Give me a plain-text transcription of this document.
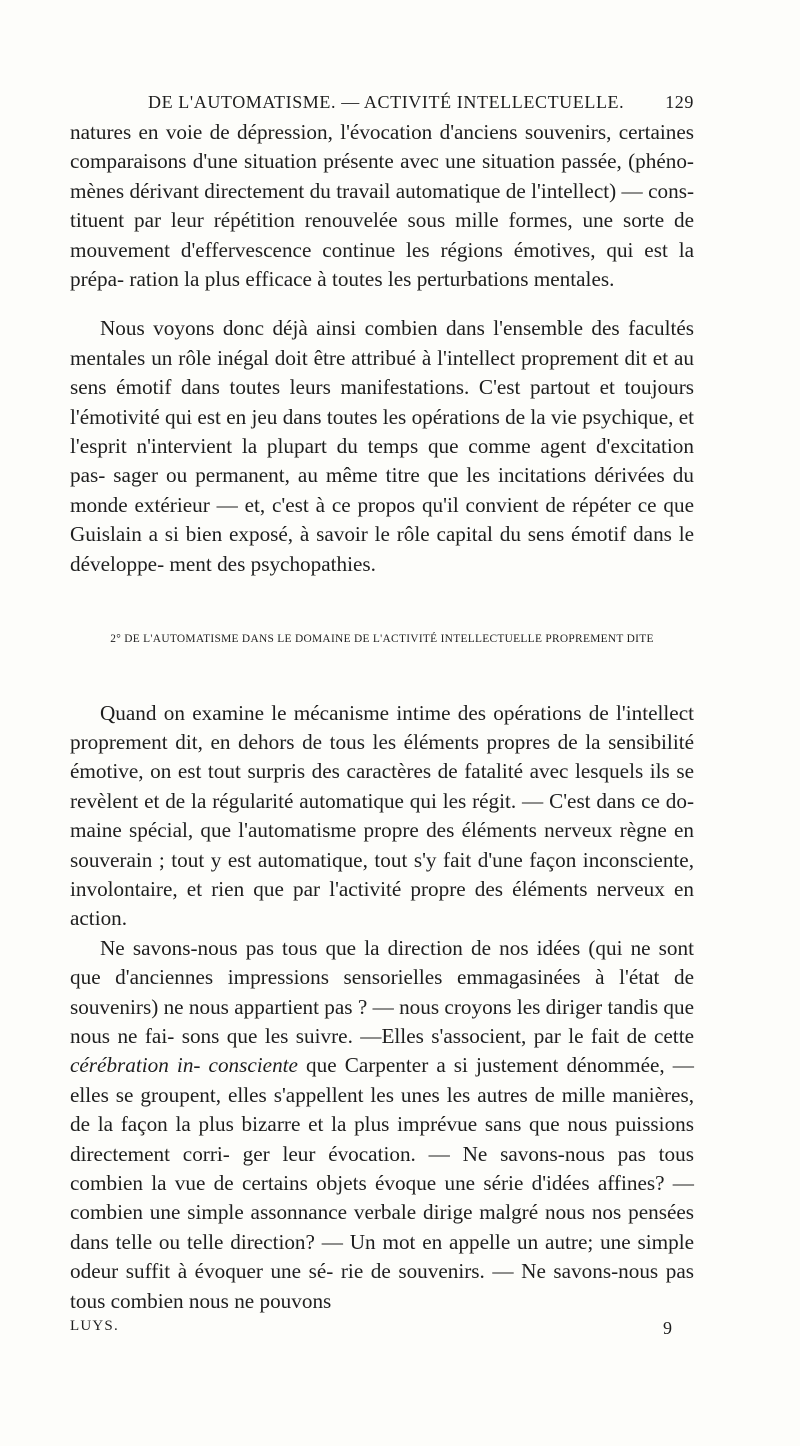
DE L'AUTOMATISME. — ACTIVITÉ INTELLECTUELLE. 129

natures en voie de dépression, l'évocation d'anciens souvenirs, certaines comparaisons d'une situation présente avec une situation passée, (phéno- mènes dérivant directement du travail automatique de l'intellect) — cons- tituent par leur répétition renouvelée sous mille formes, une sorte de mouvement d'effervescence continue les régions émotives, qui est la prépa- ration la plus efficace à toutes les perturbations mentales.

Nous voyons donc déjà ainsi combien dans l'ensemble des facultés mentales un rôle inégal doit être attribué à l'intellect proprement dit et au sens émotif dans toutes leurs manifestations. C'est partout et toujours l'émotivité qui est en jeu dans toutes les opérations de la vie psychique, et l'esprit n'intervient la plupart du temps que comme agent d'excitation pas- sager ou permanent, au même titre que les incitations dérivées du monde extérieur — et, c'est à ce propos qu'il convient de répéter ce que Guislain a si bien exposé, à savoir le rôle capital du sens émotif dans le développe- ment des psychopathies.

2° DE L'AUTOMATISME DANS LE DOMAINE DE L'ACTIVITÉ INTELLECTUELLE PROPREMENT DITE

Quand on examine le mécanisme intime des opérations de l'intellect proprement dit, en dehors de tous les éléments propres de la sensibilité émotive, on est tout surpris des caractères de fatalité avec lesquels ils se revèlent et de la régularité automatique qui les régit. — C'est dans ce do- maine spécial, que l'automatisme propre des éléments nerveux règne en souverain ; tout y est automatique, tout s'y fait d'une façon inconsciente, involontaire, et rien que par l'activité propre des éléments nerveux en action.

Ne savons-nous pas tous que la direction de nos idées (qui ne sont que d'anciennes impressions sensorielles emmagasinées à l'état de souvenirs) ne nous appartient pas ? — nous croyons les diriger tandis que nous ne fai- sons que les suivre. —Elles s'associent, par le fait de cette cérébration in- consciente que Carpenter a si justement dénommée, — elles se groupent, elles s'appellent les unes les autres de mille manières, de la façon la plus bizarre et la plus imprévue sans que nous puissions directement corri- ger leur évocation. — Ne savons-nous pas tous combien la vue de certains objets évoque une série d'idées affines? — combien une simple assonnance verbale dirige malgré nous nos pensées dans telle ou telle direction? — Un mot en appelle un autre; une simple odeur suffit à évoquer une sé- rie de souvenirs. — Ne savons-nous pas tous combien nous ne pouvons

LUYS.	9
